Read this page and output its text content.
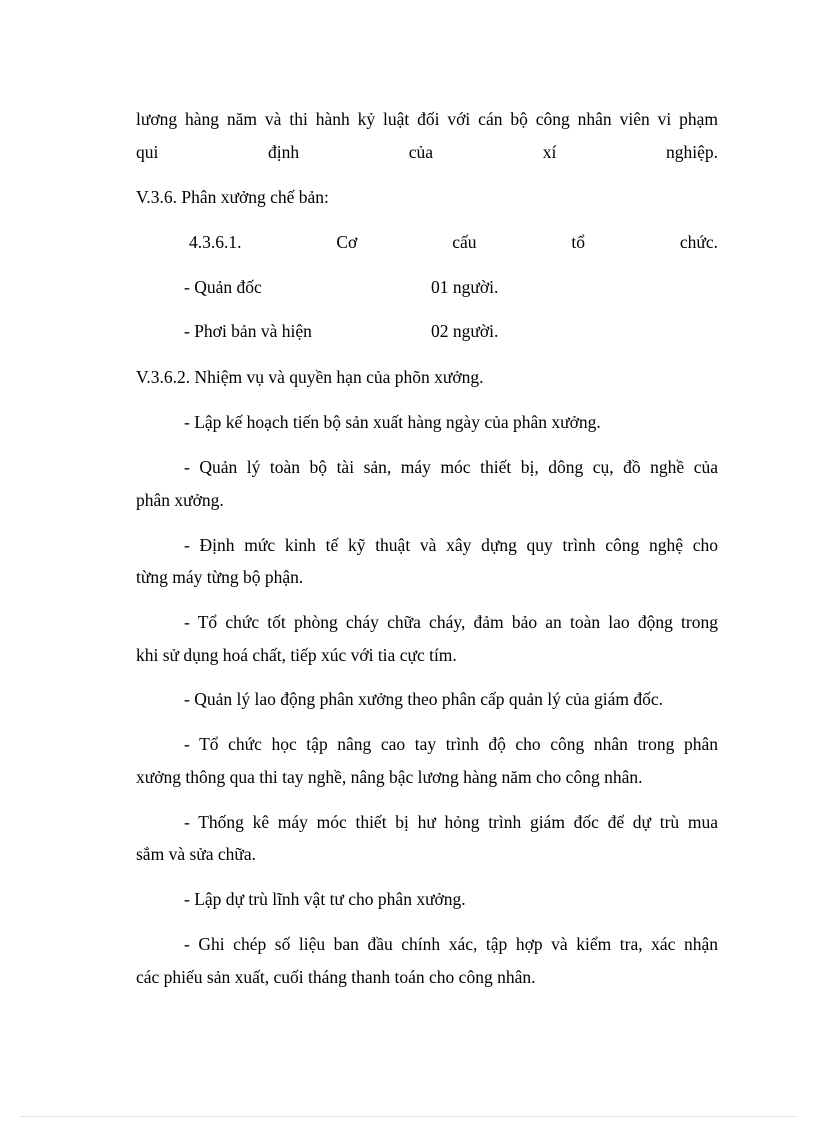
lương hàng năm và thi hành kỷ luật đối với cán bộ công nhân viên vi phạm
qui định của xí nghiệp.
V.3.6. Phân xưởng chế bản:
4.3.6.1. Cơ cấu tổ chức.
- Quản đốc	01 người.
- Phơi bản và hiện	02 người.
V.3.6.2. Nhiệm vụ và quyền hạn của phõn xưởng.
- Lập kế hoạch tiến bộ sản xuất hàng ngày của phân xưởng.
- Quản lý toàn bộ tài sản, máy móc thiết bị, dông cụ, đồ nghề của
phân xưởng.
- Định mức kinh tế kỹ thuật và xây dựng quy trình công nghệ cho
từng máy từng bộ phận.
- Tổ chức tốt phòng cháy chữa cháy, đảm bảo an toàn lao động trong
khi sử dụng hoá chất, tiếp xúc với tia cực tím.
- Quản lý lao động phân xưởng theo phân cấp quản lý của giám đốc.
- Tổ chức học tập nâng cao tay trình độ cho công nhân trong phân
xưởng thông qua thi tay nghề, nâng bậc lương hàng năm cho công nhân.
- Thống kê máy móc thiết bị hư hỏng trình giám đốc để dự trù mua
sắm và sửa chữa.
- Lập dự trù lĩnh vật tư cho phân xưởng.
- Ghi chép số liệu ban đầu chính xác, tập hợp và kiểm tra, xác nhận
các phiếu sản xuất, cuối tháng thanh toán cho công nhân.
